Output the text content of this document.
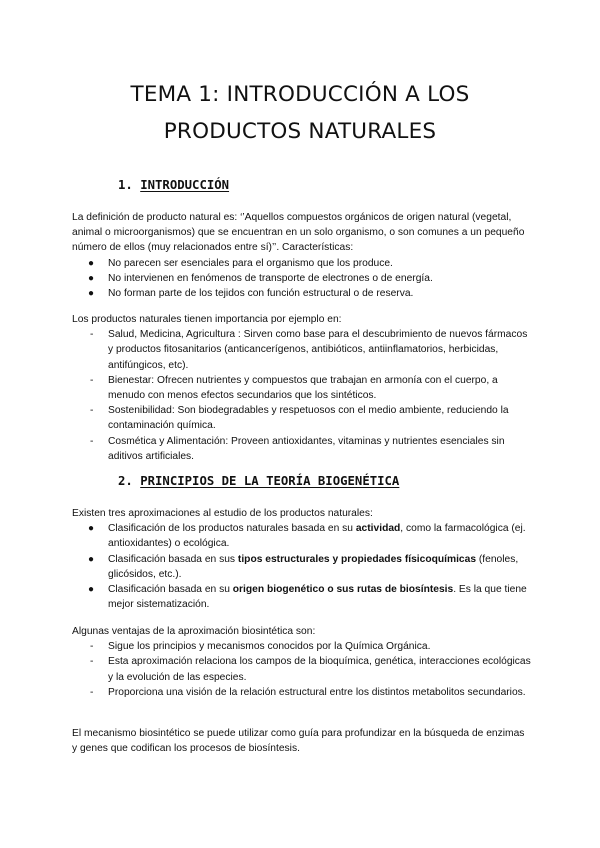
TEMA 1: INTRODUCCIÓN A LOS
PRODUCTOS NATURALES
1. INTRODUCCIÓN

La definición de producto natural es: ‘’Aquellos compuestos orgánicos de origen natural (vegetal, animal o microorganismos) que se encuentran en un solo organismo, o son comunes a un pequeño número de ellos (muy relacionados entre sí)’’. Características:

● No parecen ser esenciales para el organismo que los produce.
● No intervienen en fenómenos de transporte de electrones o de energía.
● No forman parte de los tejidos con función estructural o de reserva.

Los productos naturales tienen importancia por ejemplo en:

- Salud, Medicina, Agricultura : Sirven como base para el descubrimiento de nuevos fármacos y productos fitosanitarios (anticancerígenos, antibióticos, antiinflamatorios, herbicidas, antifúngicos, etc).
- Bienestar: Ofrecen nutrientes y compuestos que trabajan en armonía con el cuerpo, a menudo con menos efectos secundarios que los sintéticos.
- Sostenibilidad: Son biodegradables y respetuosos con el medio ambiente, reduciendo la contaminación química.
- Cosmética y Alimentación: Proveen antioxidantes, vitaminas y nutrientes esenciales sin aditivos artificiales.
2. PRINCIPIOS DE LA TEORÍA BIOGENÉTICA

Existen tres aproximaciones al estudio de los productos naturales:

● Clasificación de los productos naturales basada en su actividad, como la farmacológica (ej. antioxidantes) o ecológica.
● Clasificación basada en sus tipos estructurales y propiedades físicoquímicas (fenoles, glicósidos, etc.).
● Clasificación basada en su origen biogenético o sus rutas de biosíntesis. Es la que tiene mejor sistematización.

Algunas ventajas de la aproximación biosintética son:

- Sigue los principios y mecanismos conocidos por la Química Orgánica.
- Esta aproximación relaciona los campos de la bioquímica, genética, interacciones ecológicas y la evolución de las especies.
- Proporciona una visión de la relación estructural entre los distintos metabolitos secundarios.

El mecanismo biosintético se puede utilizar como guía para profundizar en la búsqueda de enzimas y genes que codifican los procesos de biosíntesis.
